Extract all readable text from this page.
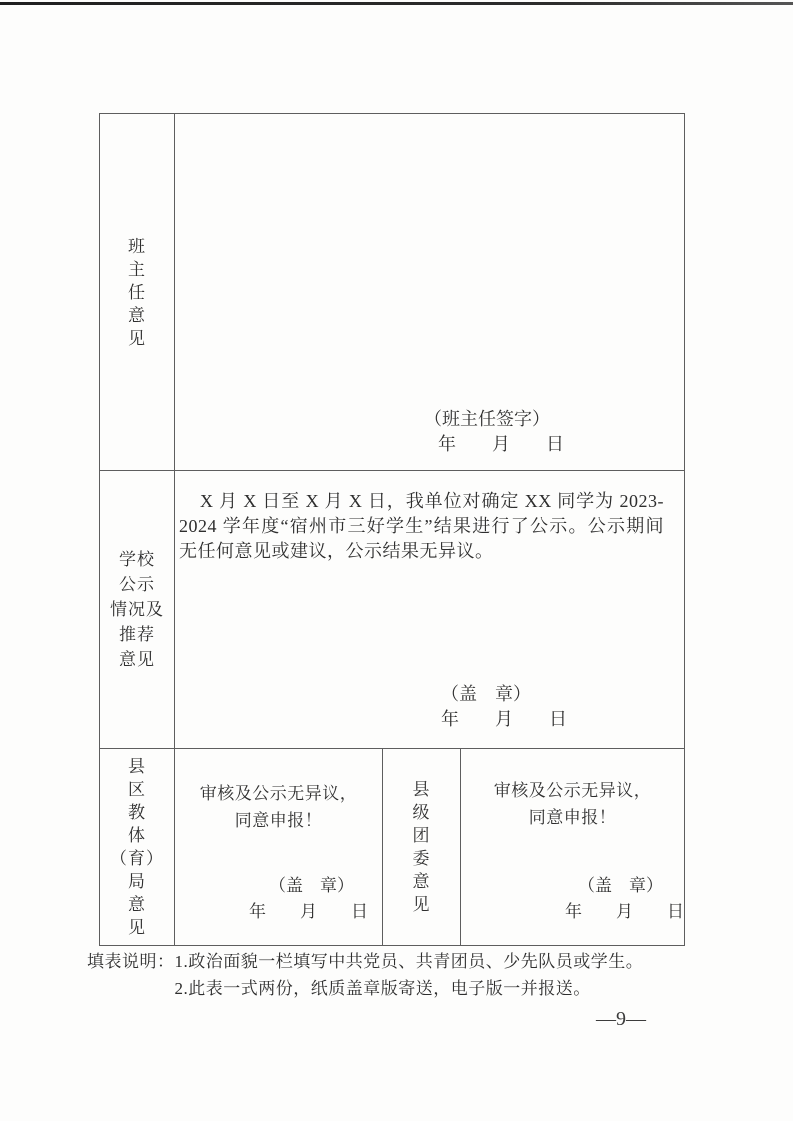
班
主
任
意
见
（班主任签字）
年　　月　　日
学校
公示
情况及
推荐
意见

X 月 X 日至 X 月 X 日，我单位对确定 XX 同学为 2023-2024 学年度“宿州市三好学生”结果进行了公示。公示期间无任何意见或建议，公示结果无异议。

（盖　章）
年　　月　　日
县
区
教
体
（育）
局
意
见
审核及公示无异议，
同意申报！
（盖　章）
年　　月　　日
县
级
团
委
意
见
审核及公示无异议，
同意申报！
（盖　章）
年　　月　　日
填表说明： 1.政治面貌一栏填写中共党员、共青团员、少先队员或学生。
2.此表一式两份，纸质盖章版寄送，电子版一并报送。
—9—
